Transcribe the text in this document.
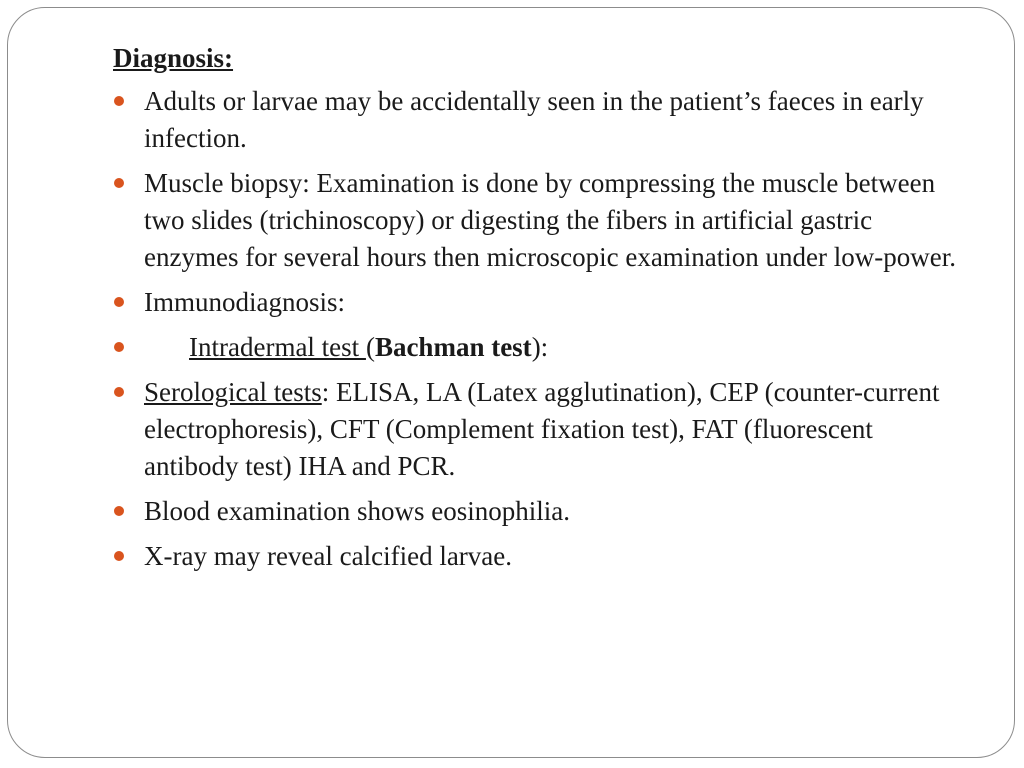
Diagnosis:
Adults or larvae may be accidentally seen in the patient’s faeces in early infection.
Muscle biopsy: Examination is done by compressing the muscle between two slides (trichinoscopy) or digesting the fibers in artificial gastric enzymes for several hours then microscopic examination under low-power.
Immunodiagnosis:
Intradermal test (Bachman test):
Serological tests: ELISA, LA (Latex agglutination), CEP (counter-current electrophoresis), CFT (Complement fixation test), FAT (fluorescent antibody test) IHA and PCR.
Blood examination shows eosinophilia.
X-ray may reveal calcified larvae.
